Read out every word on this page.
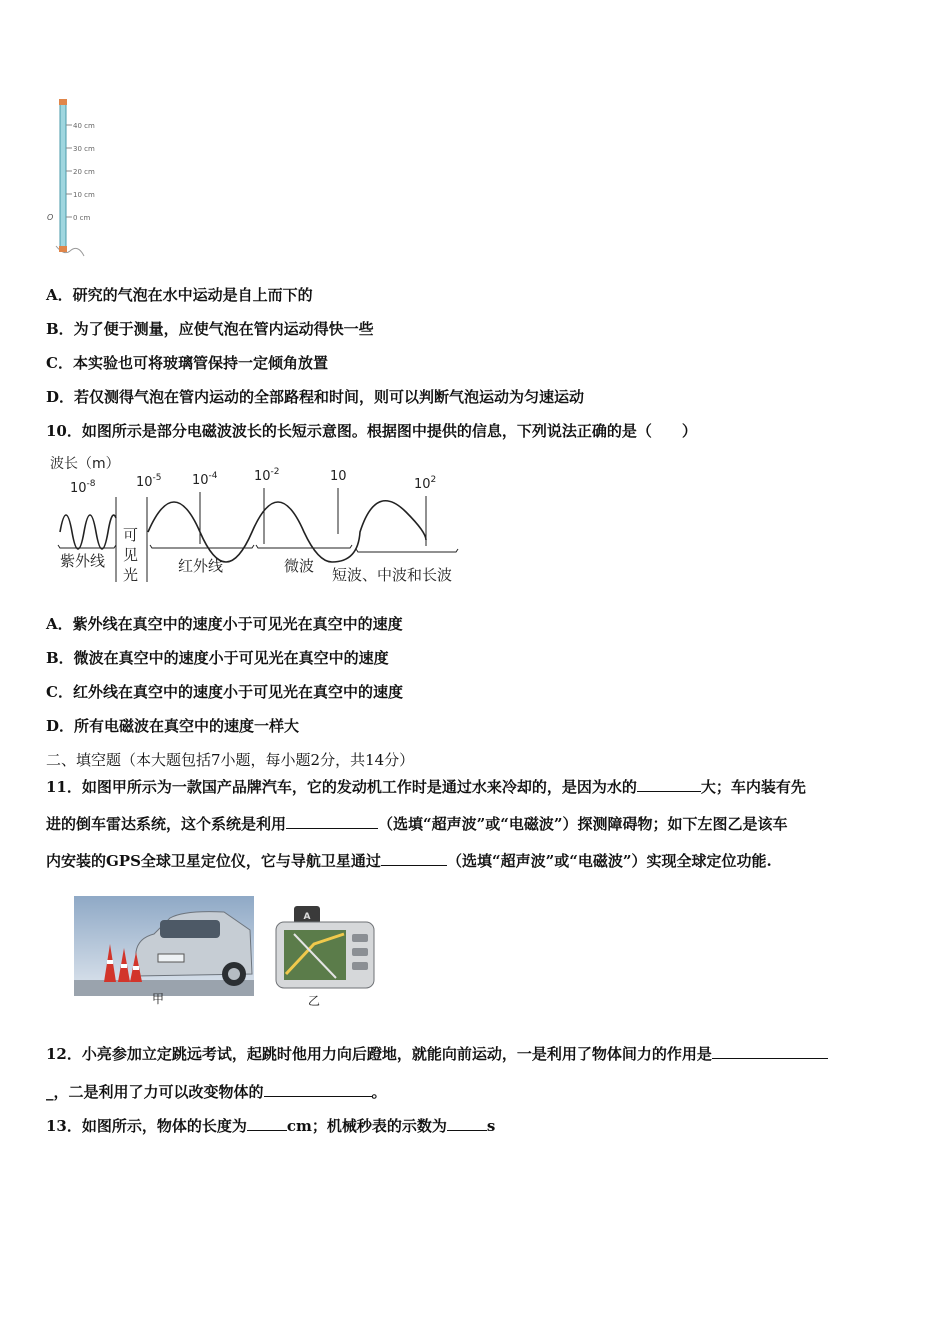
40 cm
30 cm
20 cm
10 cm
0 cm
O
A．研究的气泡在水中运动是自上而下的
B．为了便于测量，应使气泡在管内运动得快一些
C．本实验也可将玻璃管保持一定倾角放置
D．若仅测得气泡在管内运动的全部路程和时间，则可以判断气泡运动为匀速运动
10．如图所示是部分电磁波波长的长短示意图。根据图中提供的信息，下列说法正确的是（　　）
波长（m）
$10^{-8}$	$10^{-5}$ $10^{-4}$	$10^{-2}$	10
$10^2$
紫外线
可
见
光	红外线	微波 短波、中波和长波
A．紫外线在真空中的速度小于可见光在真空中的速度
B．微波在真空中的速度小于可见光在真空中的速度
C．红外线在真空中的速度小于可见光在真空中的速度
D．所有电磁波在真空中的速度一样大
二、填空题（本大题包括7小题，每小题2分，共14分）
11．如图甲所示为一款国产品牌汽车，它的发动机工作时是通过水来冷却的，是因为水的	大；车内装有先
进的倒车雷达系统，这个系统是利用	（选填“超声波”或“电磁波”）探测障碍物；如下左图乙是该车
内安装的GPS全球卫星定位仪，它与导航卫星通过	（选填“超声波”或“电磁波”）实现全球定位功能.
甲
A
乙
12．小亮参加立定跳远考试，起跳时他用力向后蹬地，就能向前运动，一是利用了物体间力的作用是
_，二是利用了力可以改变物体的	。
13．如图所示，物体的长度为	cm；机械秒表的示数为	s
